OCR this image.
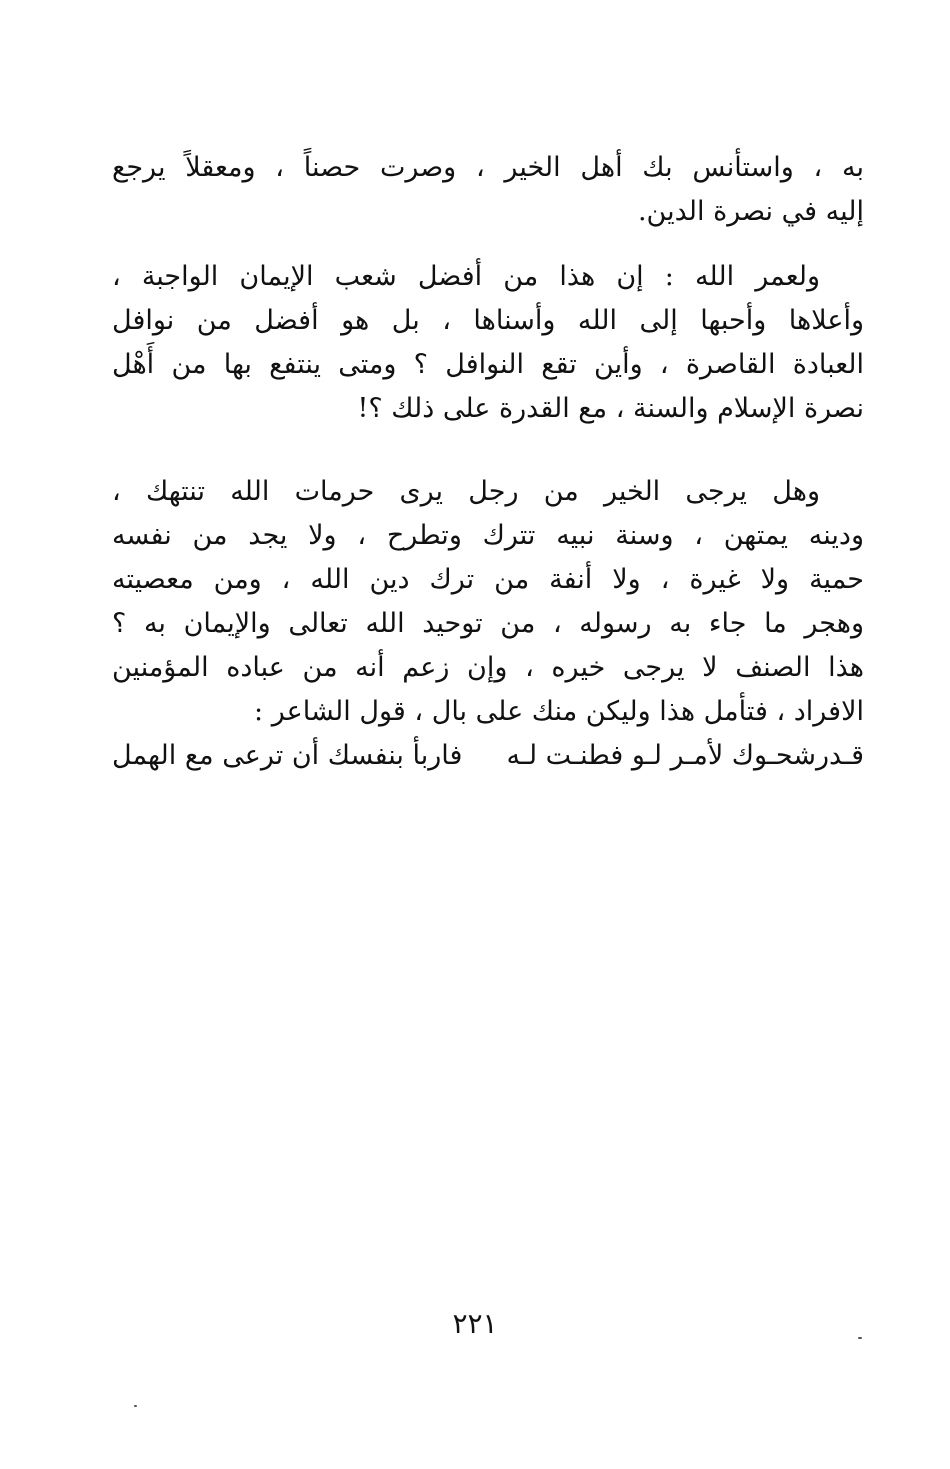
به ، واستأنس بك أهل الخير ، وصرت حصناً ، ومعقلاً يرجع
إليه في نصرة الدين.
ولعمر الله : إن هذا من أفضل شعب الإيمان الواجبة ،
وأعلاها وأحبها إلى الله وأسناها ، بل هو أفضل من نوافل
العبادة القاصرة ، وأين تقع النوافل ؟ ومتى ينتفع بها من أَهْل
نصرة الإسلام والسنة ، مع القدرة على ذلك ؟!
وهل يرجى الخير من رجل يرى حرمات الله تنتهك ،
ودينه يمتهن ، وسنة نبيه تترك وتطرح ، ولا يجد من نفسه
حمية ولا غيرة ، ولا أنفة من ترك دين الله ، ومن معصيته
وهجر ما جاء به رسوله ، من توحيد الله تعالى والإيمان به ؟
هذا الصنف لا يرجى خيره ، وإن زعم أنه من عباده المؤمنين
الافراد ، فتأمل هذا وليكن منك على بال ، قول الشاعر :
قـدرشحـوك لأمـر لـو فطنـت لـه
فاربأ بنفسك أن ترعى مع الهمل
٢٢١
